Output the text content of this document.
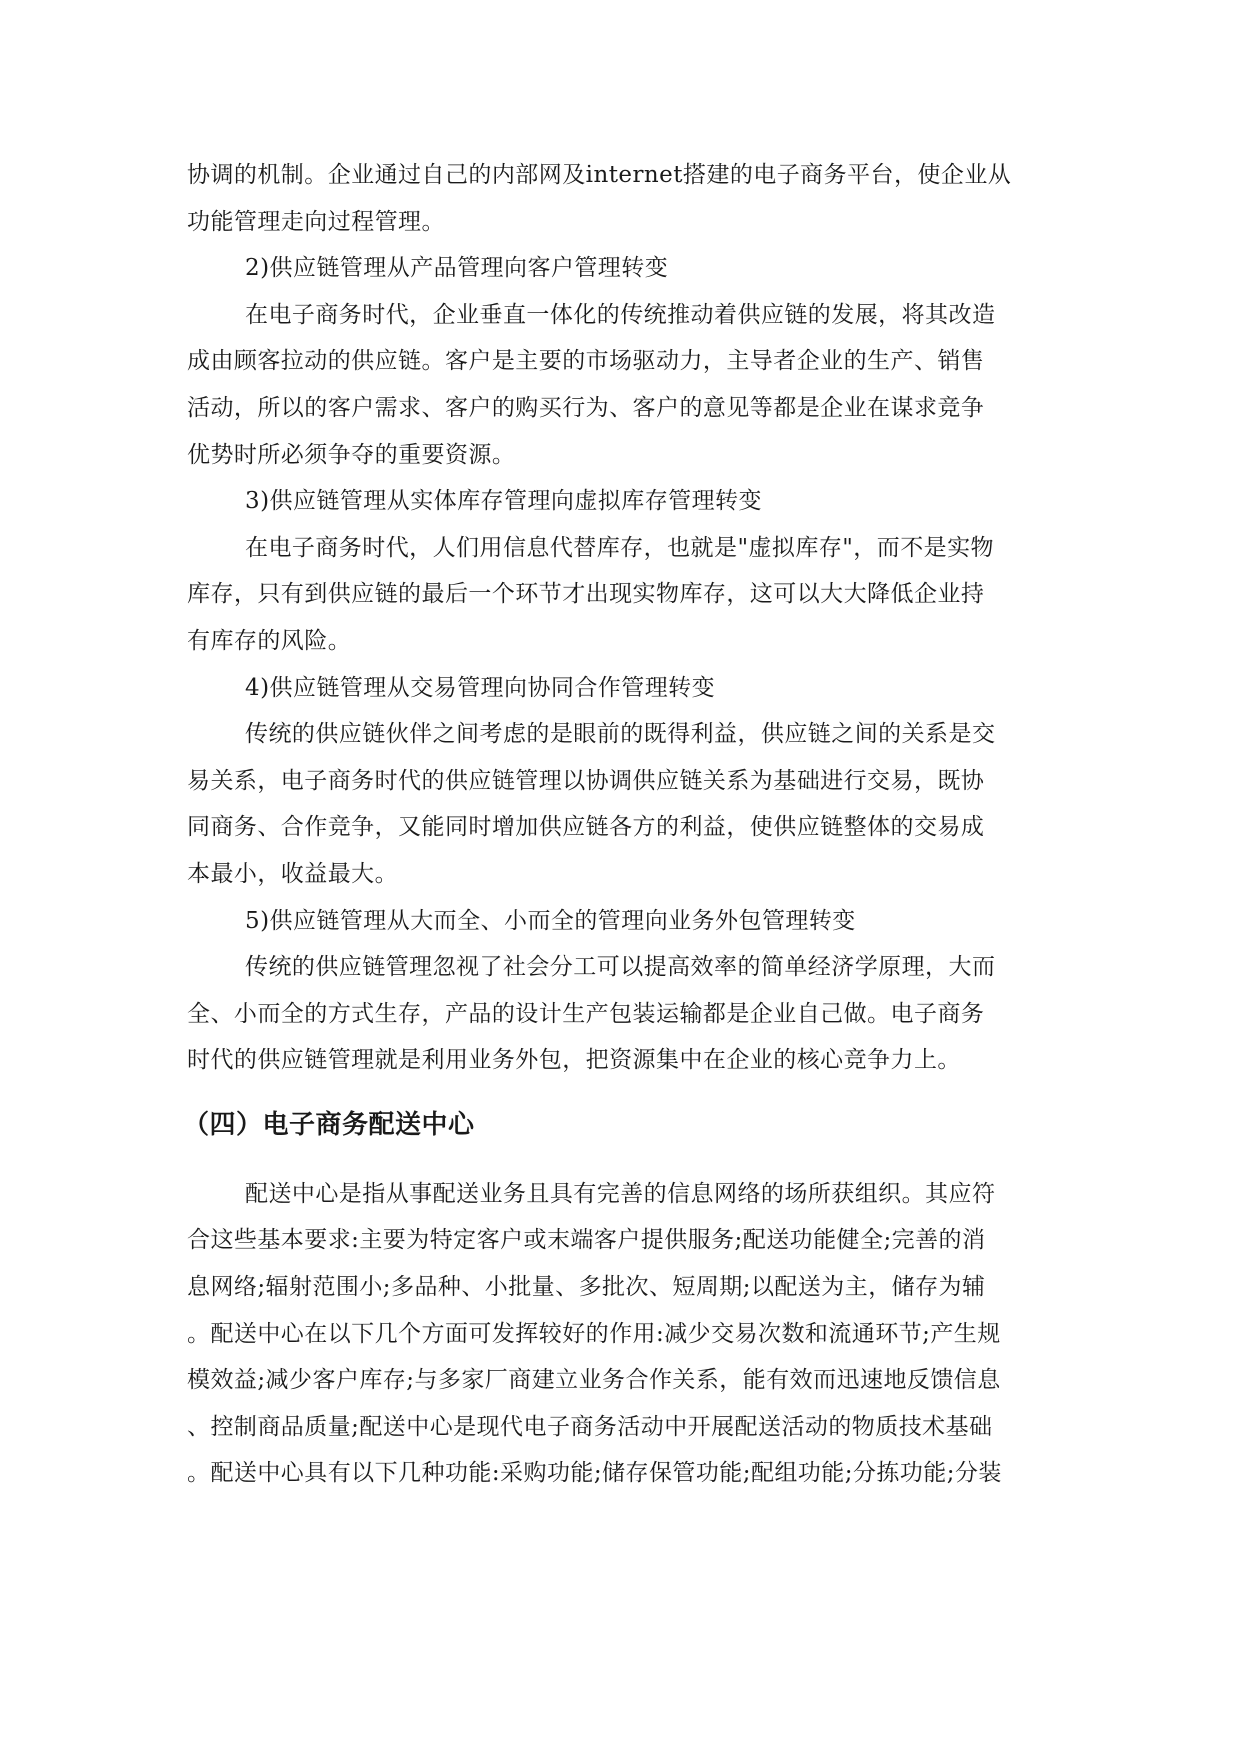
协调的机制。企业通过自己的内部网及internet搭建的电子商务平台，使企业从
功能管理走向过程管理。
2)供应链管理从产品管理向客户管理转变
在电子商务时代，企业垂直一体化的传统推动着供应链的发展，将其改造
成由顾客拉动的供应链。客户是主要的市场驱动力，主导者企业的生产、销售
活动，所以的客户需求、客户的购买行为、客户的意见等都是企业在谋求竞争
优势时所必须争夺的重要资源。
3)供应链管理从实体库存管理向虚拟库存管理转变
在电子商务时代，人们用信息代替库存，也就是"虚拟库存"，而不是实物
库存，只有到供应链的最后一个环节才出现实物库存，这可以大大降低企业持
有库存的风险。
4)供应链管理从交易管理向协同合作管理转变
传统的供应链伙伴之间考虑的是眼前的既得利益，供应链之间的关系是交
易关系，电子商务时代的供应链管理以协调供应链关系为基础进行交易，既协
同商务、合作竞争，又能同时增加供应链各方的利益，使供应链整体的交易成
本最小，收益最大。
5)供应链管理从大而全、小而全的管理向业务外包管理转变
传统的供应链管理忽视了社会分工可以提高效率的简单经济学原理，大而
全、小而全的方式生存，产品的设计生产包装运输都是企业自己做。电子商务
时代的供应链管理就是利用业务外包，把资源集中在企业的核心竞争力上。
（四）电子商务配送中心
配送中心是指从事配送业务且具有完善的信息网络的场所获组织。其应符
合这些基本要求:主要为特定客户或末端客户提供服务;配送功能健全;完善的消
息网络;辐射范围小;多品种、小批量、多批次、短周期;以配送为主，储存为辅
。配送中心在以下几个方面可发挥较好的作用:减少交易次数和流通环节;产生规
模效益;减少客户库存;与多家厂商建立业务合作关系，能有效而迅速地反馈信息
、控制商品质量;配送中心是现代电子商务活动中开展配送活动的物质技术基础
。配送中心具有以下几种功能:采购功能;储存保管功能;配组功能;分拣功能;分装
